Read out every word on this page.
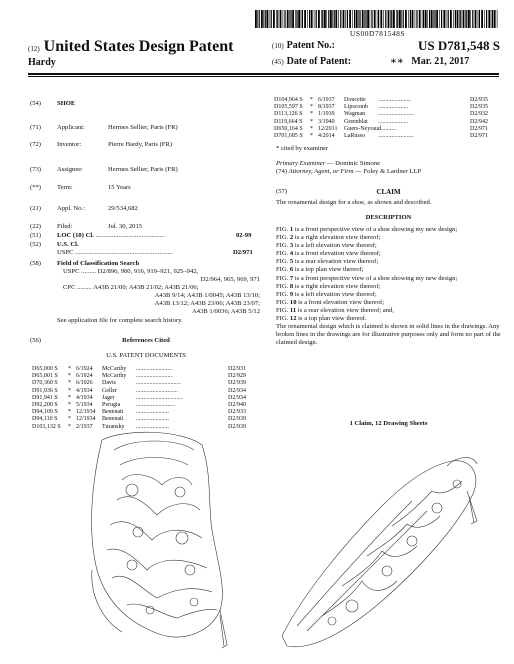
US00D781548S
(12) United States Design Patent
Hardy
(10) Patent No.:	US D781,548 S
(45) Date of Patent:	∗∗ Mar. 21, 2017
(54) SHOE
(71) Applicant:	Hermes Sellier, Paris (FR)
(72) Inventor:	Pierre Hardy, Paris (FR)
(73) Assignee:	Hermes Sellier, Paris (FR)
(**) Term:	15 Years
(21) Appl. No.:	29/534,682
(22) Filed:	Jul. 30, 2015
(51) LOC (10) Cl. ..........................................	02-99
(52) U.S. Cl.
USPC ...........................................................	D2/971
(58) Field of Classification Search
USPC ......... D2/896, 900, 916, 919–921, 925–942,
D2/964, 965, 969, 971
CPC ......... A43B 21/00; A43B 21/02; A43B 21/06;
A43B 9/14; A43B 1/0045; A43B 13/10;
A43B 13/12; A43B 23/06; A43B 23/07;
A43B 1/0036; A43B 5/12
See application file for complete search history.
(56)	References Cited
U.S. PATENT DOCUMENTS
D65,000 S * 6/1924 McCarthy ........................	D2/931
D65,001 S * 6/1924 McCarthy ........................	D2/929
D70,360 S * 6/1926 Davis	..............................	D2/939
D91,936 S * 4/1934 Geller	............................	D2/934
D91,941 S * 4/1934 Jager	...............................	D2/934
D92,200 S * 5/1934 Perugia	..........................	D2/940
D94,109 S * 12/1934 Benenati ......................	D2/933
D94,110 S * 12/1934 Benenati ......................	D2/939
D103,132 S * 2/1937 Turansky ......................	D2/939
D104,964 S * 6/1937 Doucette ......................	D2/935
D105,597 S * 8/1937 Lipscomb ....................	D2/935
D113,126 S * 1/1939 Wagman ........................	D2/932
D119,664 S * 3/1940 Greenblat ....................	D2/942
D650,164 S * 12/2011 Guers-Neyraud
............	D2/971
D701,685 S * 4/2014 LaRusso ........................	D2/971
* cited by examiner
Primary Examiner — Dominic Simone
(74) Attorney, Agent, or Firm — Foley & Lardner LLP
(57)	CLAIM
The ornamental design for a shoe, as shown and described.
DESCRIPTION

FIG. 1 is a front perspective view of a shoe showing my new design;

FIG. 2 is a right elevation view thereof;

FIG. 3 is a left elevation view thereof;

FIG. 4 is a front elevation view thereof;

FIG. 5 is a rear elevation view thereof;

FIG. 6 is a top plan view thereof;

FIG. 7 is a front perspective view of a shoe showing my new design;

FIG. 8 is a right elevation view thereof;

FIG. 9 is a left elevation view thereof;

FIG. 10 is a front elevation view thereof;

FIG. 11 is a rear elevation view thereof; and,

FIG. 12 is a top plan view thereof.

The ornamental design which is claimed is shown in solid lines in the drawings. Any broken lines in the drawings are for illustrative purposes only and form no part of the claimed design.

1 Claim, 12 Drawing Sheets
